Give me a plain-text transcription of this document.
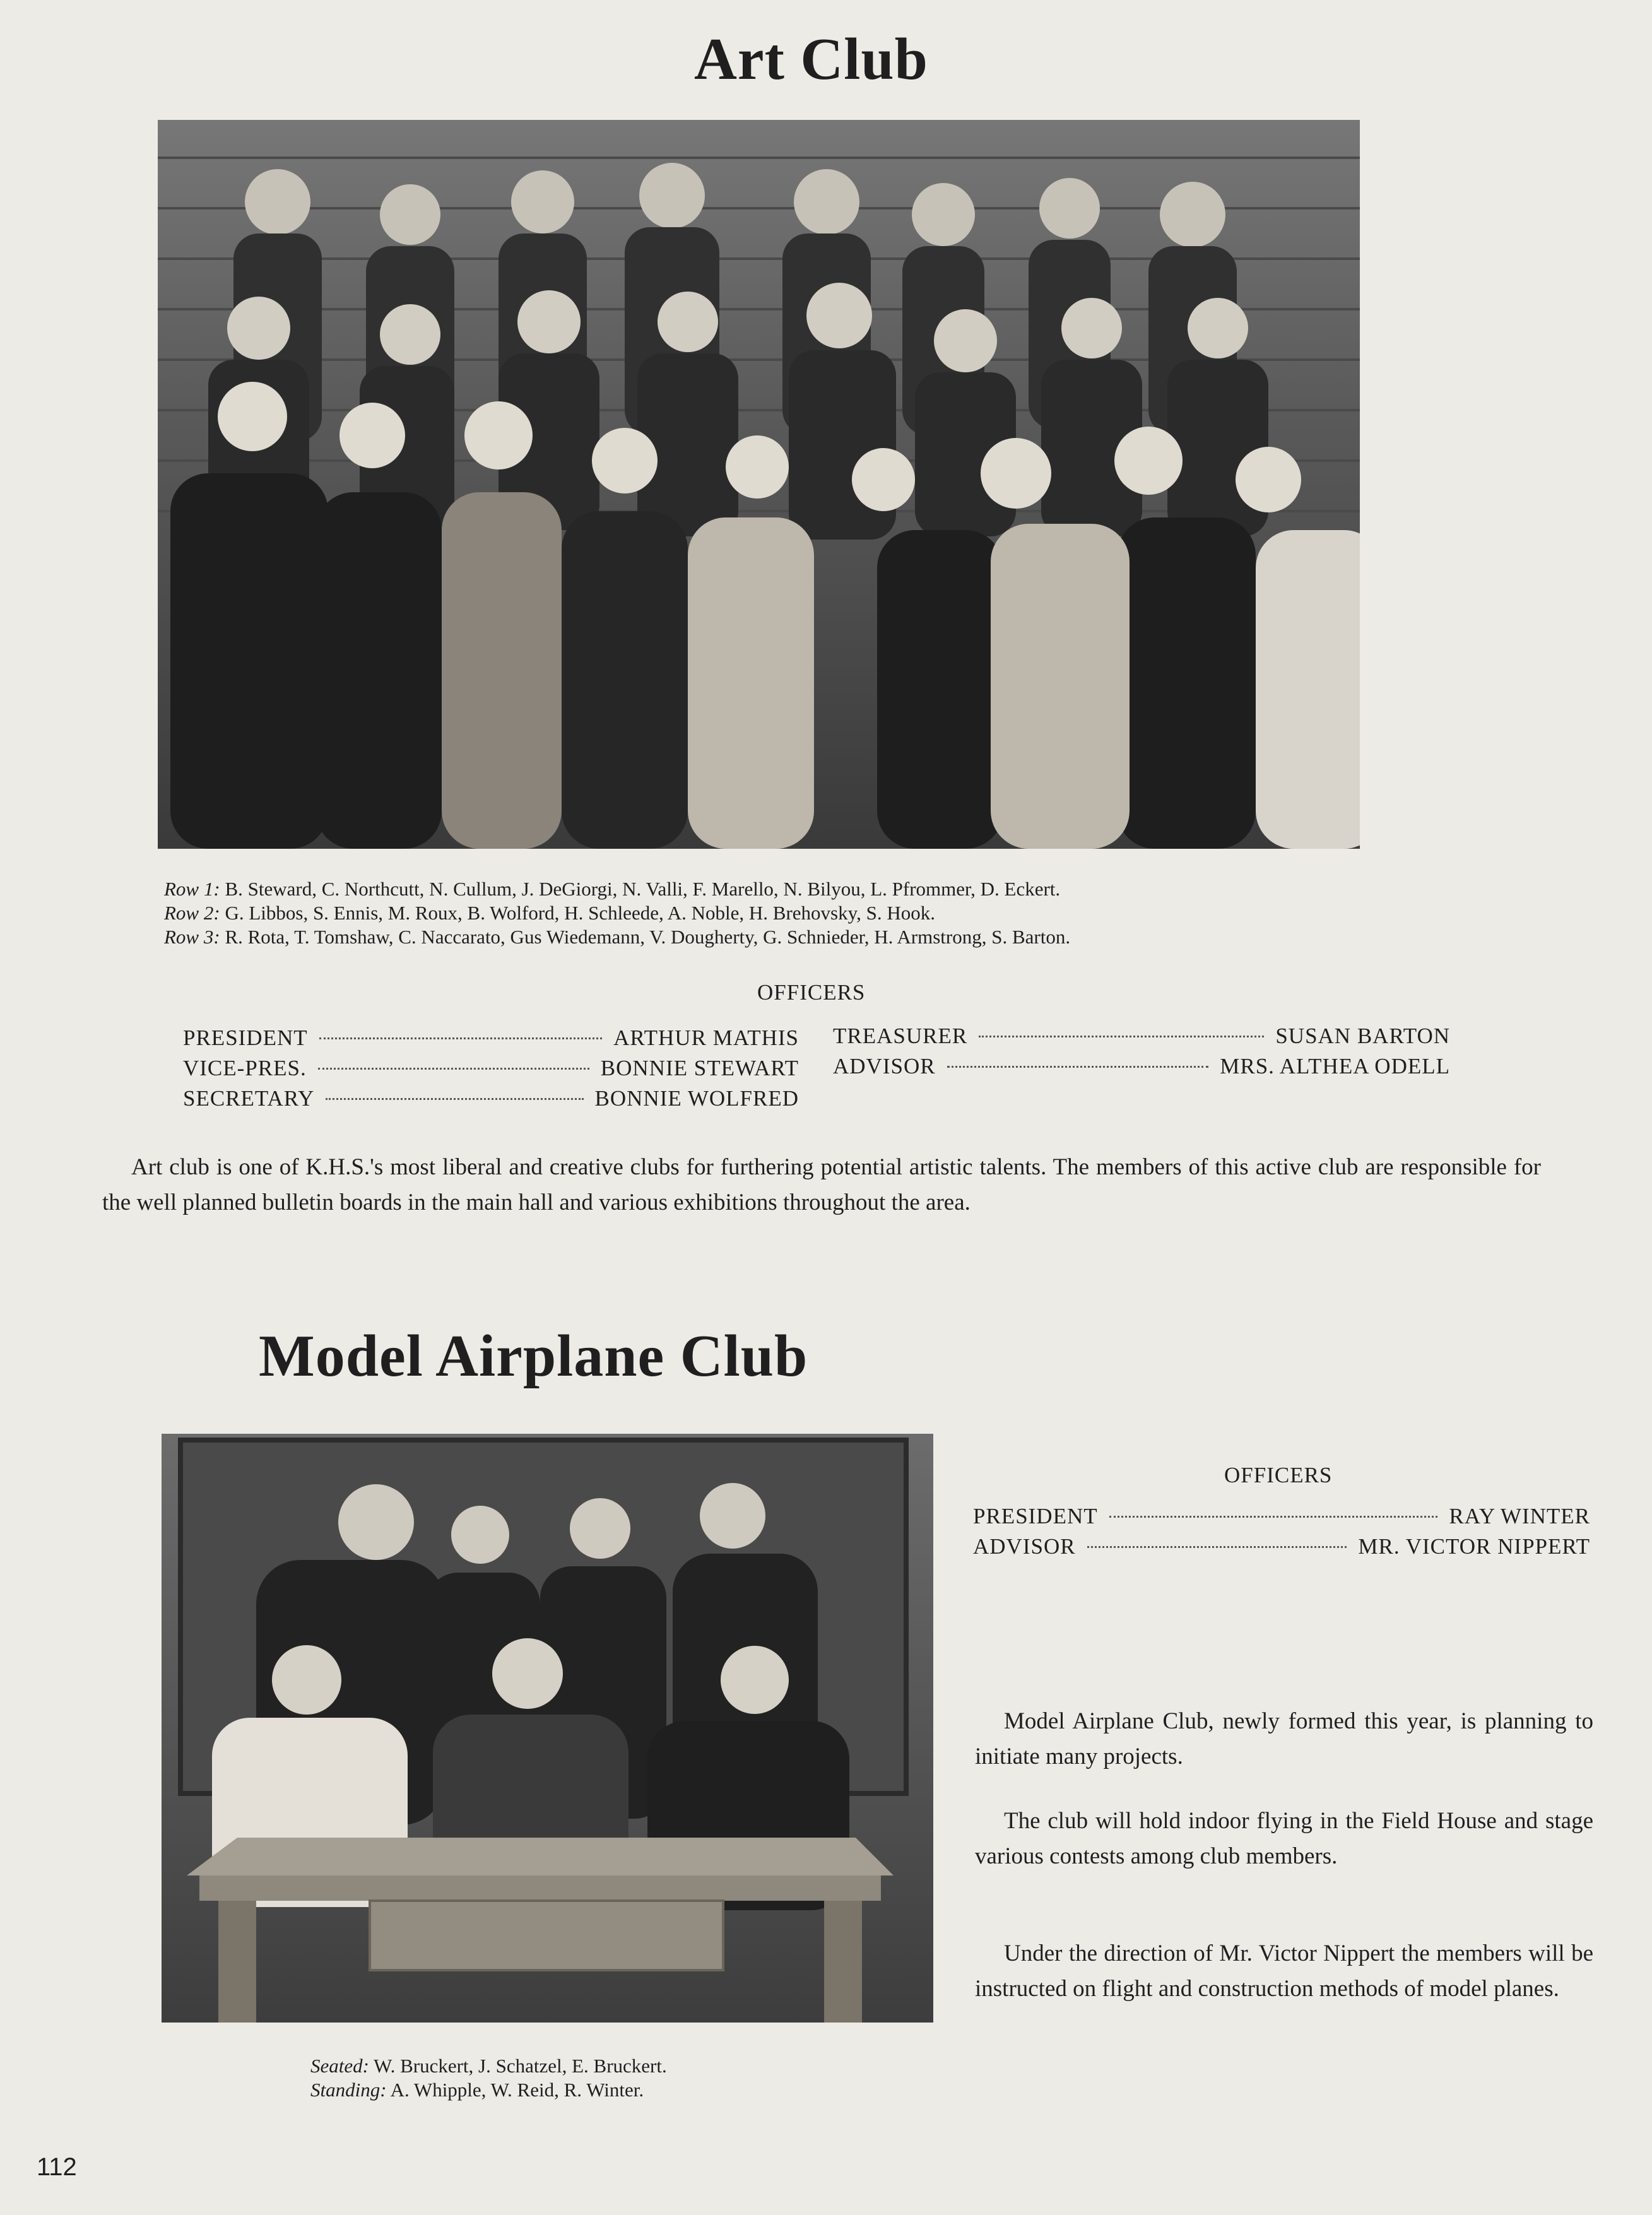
Art Club
Row 1: B. Steward, C. Northcutt, N. Cullum, J. DeGiorgi, N. Valli, F. Marello, N. Bilyou, L. Pfrommer, D. Eckert.
Row 2: G. Libbos, S. Ennis, M. Roux, B. Wolford, H. Schleede, A. Noble, H. Brehovsky, S. Hook.
Row 3: R. Rota, T. Tomshaw, C. Naccarato, Gus Wiedemann, V. Dougherty, G. Schnieder, H. Armstrong, S. Barton.
OFFICERS
PRESIDENT	ARTHUR MATHIS
VICE-PRES.	BONNIE STEWART
SECRETARY	BONNIE WOLFRED
TREASURER	SUSAN BARTON
ADVISOR	MRS. ALTHEA ODELL
Art club is one of K.H.S.'s most liberal and creative clubs for furthering potential artistic talents. The members of this active club are responsible for the well planned bulletin boards in the main hall and various exhibitions throughout the area.
Model Airplane Club
OFFICERS
PRESIDENT	RAY WINTER
ADVISOR	MR. VICTOR NIPPERT
Model Airplane Club, newly formed this year, is planning to initiate many projects.
The club will hold indoor flying in the Field House and stage various contests among club members.
Under the direction of Mr. Victor Nippert the members will be instructed on flight and construction methods of model planes.
Seated: W. Bruckert, J. Schatzel, E. Bruckert.
Standing: A. Whipple, W. Reid, R. Winter.
112
